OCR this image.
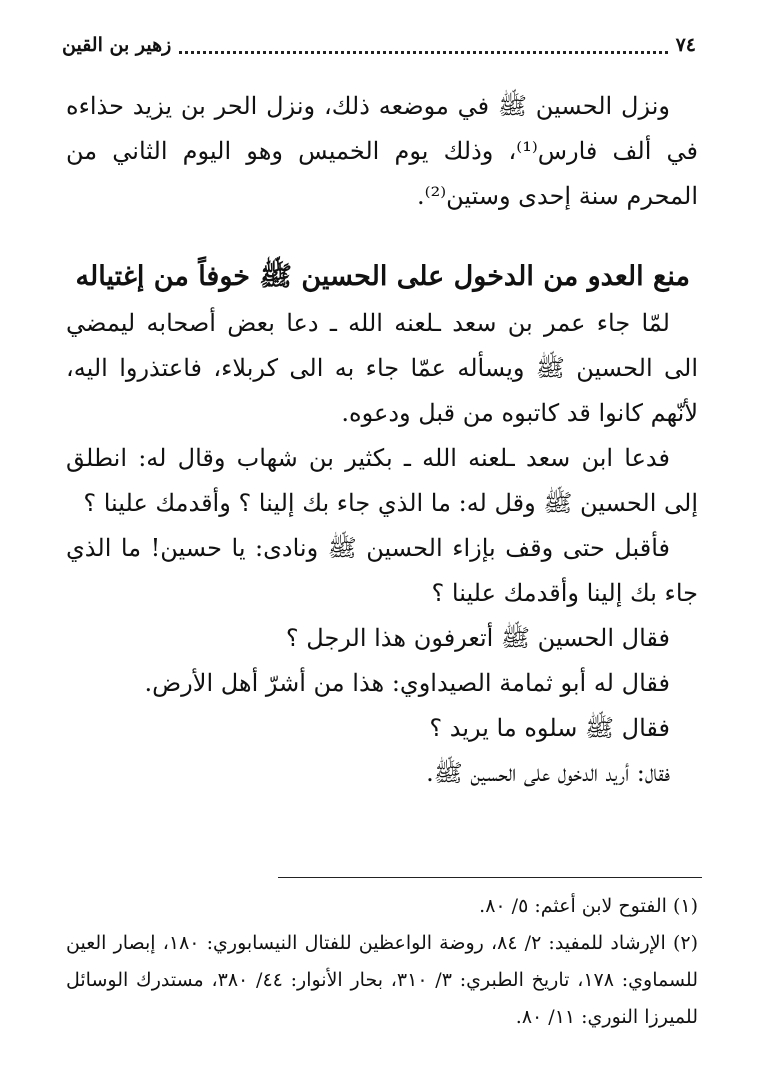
٧٤
زهير بن القين

ونزل الحسين ﷺ في موضعه ذلك، ونزل الحر بن يزيد حذاءه في ألف فارس⁽¹⁾، وذلك يوم الخميس وهو اليوم الثاني من المحرم سنة إحدى وستين⁽²⁾.

منع العدو من الدخول على الحسين ﷺ خوفاً من إغتياله

لمّا جاء عمر بن سعد ـلعنه الله ـ دعا بعض أصحابه ليمضي الى الحسين ﷺ ويسأله عمّا جاء به الى كربلاء، فاعتذروا اليه، لأنّهم كانوا قد كاتبوه من قبل ودعوه.

فدعا ابن سعد ـلعنه الله ـ بكثير بن شهاب وقال له: انطلق إلى الحسين ﷺ وقل له: ما الذي جاء بك إلينا ؟ وأقدمك علينا ؟

فأقبل حتى وقف بإزاء الحسين ﷺ ونادى: يا حسين! ما الذي جاء بك إلينا وأقدمك علينا ؟

فقال الحسين ﷺ أتعرفون هذا الرجل ؟

فقال له أبو ثمامة الصيداوي: هذا من أشرّ أهل الأرض.

فقال ﷺ سلوه ما يريد ؟

فقال: أريد الدخول على الحسين ﷺ.

(١) الفتوح لابن أعثم: ٥/ ٨٠.

(٢) الإرشاد للمفيد: ٢/ ٨٤، روضة الواعظين للفتال النيسابوري: ١٨٠، إبصار العين للسماوي: ١٧٨، تاريخ الطبري: ٣/ ٣١٠، بحار الأنوار: ٤٤/ ٣٨٠، مستدرك الوسائل للميرزا النوري: ١١/ ٨٠.
